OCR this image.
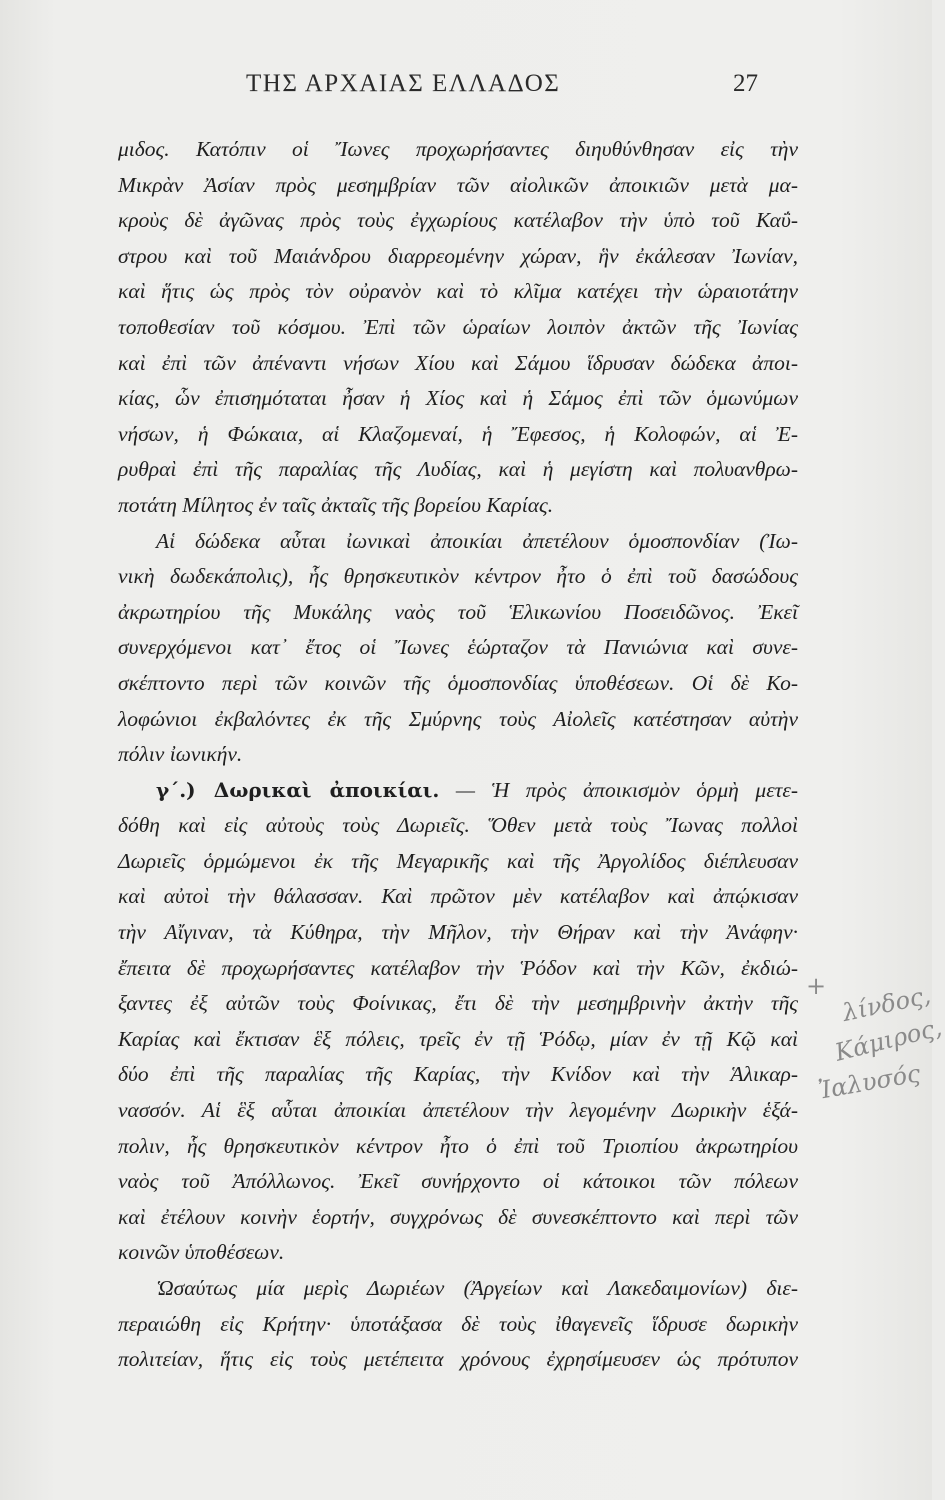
ΤΗΣ ΑΡΧΑΙΑΣ ΕΛΛΑΔΟΣ	27
μιδος. Κατόπιν οἱ Ἴωνες προχωρήσαντες διηυθύνθησαν εἰς τὴν
Μικρὰν Ἀσίαν πρὸς μεσημβρίαν τῶν αἰολικῶν ἀποικιῶν μετὰ μα-
κροὺς δὲ ἀγῶνας πρὸς τοὺς ἐγχωρίους κατέλαβον τὴν ὑπὸ τοῦ Καΰ-
στρου καὶ τοῦ Μαιάνδρου διαρρεομένην χώραν, ἣν ἐκάλεσαν Ἰωνίαν,
καὶ ἥτις ὡς πρὸς τὸν οὐρανὸν καὶ τὸ κλῖμα κατέχει τὴν ὡραιοτάτην
τοποθεσίαν τοῦ κόσμου. Ἐπὶ τῶν ὡραίων λοιπὸν ἀκτῶν τῆς Ἰωνίας
καὶ ἐπὶ τῶν ἀπέναντι νήσων Χίου καὶ Σάμου ἵδρυσαν δώδεκα ἀποι-
κίας, ὧν ἐπισημόταται ἦσαν ἡ Χίος καὶ ἡ Σάμος ἐπὶ τῶν ὁμωνύμων
νήσων, ἡ Φώκαια, αἱ Κλαζομεναί, ἡ Ἔφεσος, ἡ Κολοφών, αἱ Ἐ-
ρυθραὶ ἐπὶ τῆς παραλίας τῆς Λυδίας, καὶ ἡ μεγίστη καὶ πολυανθρω-
ποτάτη Μίλητος ἐν ταῖς ἀκταῖς τῆς βορείου Καρίας.
Αἱ δώδεκα αὗται ἰωνικαὶ ἀποικίαι ἀπετέλουν ὁμοσπονδίαν (Ἰω-
νικὴ δωδεκάπολις), ἧς θρησκευτικὸν κέντρον ἦτο ὁ ἐπὶ τοῦ δασώδους
ἀκρωτηρίου τῆς Μυκάλης ναὸς τοῦ Ἑλικωνίου Ποσειδῶνος. Ἐκεῖ
συνερχόμενοι κατ᾽ ἔτος οἱ Ἴωνες ἑώρταζον τὰ Πανιώνια καὶ συνε-
σκέπτοντο περὶ τῶν κοινῶν τῆς ὁμοσπονδίας ὑποθέσεων. Οἱ δὲ Κο-
λοφώνιοι ἐκβαλόντες ἐκ τῆς Σμύρνης τοὺς Αἰολεῖς κατέστησαν αὐτὴν
πόλιν ἰωνικήν.
γ΄.) Δωρικαὶ ἀποικίαι. — Ἡ πρὸς ἀποικισμὸν ὁρμὴ μετε-
δόθη καὶ εἰς αὐτοὺς τοὺς Δωριεῖς. Ὅθεν μετὰ τοὺς Ἴωνας πολλοὶ
Δωριεῖς ὁρμώμενοι ἐκ τῆς Μεγαρικῆς καὶ τῆς Ἀργολίδος διέπλευσαν
καὶ αὐτοὶ τὴν θάλασσαν. Καὶ πρῶτον μὲν κατέλαβον καὶ ἀπῴκισαν
τὴν Αἴγιναν, τὰ Κύθηρα, τὴν Μῆλον, τὴν Θήραν καὶ τὴν Ἀνάφην·
ἔπειτα δὲ προχωρήσαντες κατέλαβον τὴν Ῥόδον καὶ τὴν Κῶν, ἐκδιώ-
ξαντες ἐξ αὐτῶν τοὺς Φοίνικας, ἔτι δὲ τὴν μεσημβρινὴν ἀκτὴν τῆς
Καρίας καὶ ἔκτισαν ἓξ πόλεις, τρεῖς ἐν τῇ Ῥόδῳ, μίαν ἐν τῇ Κῷ καὶ
δύο ἐπὶ τῆς παραλίας τῆς Καρίας, τὴν Κνίδον καὶ τὴν Ἁλικαρ-
νασσόν. Αἱ ἓξ αὗται ἀποικίαι ἀπετέλουν τὴν λεγομένην Δωρικὴν ἑξά-
πολιν, ἧς θρησκευτικὸν κέντρον ἦτο ὁ ἐπὶ τοῦ Τριοπίου ἀκρωτηρίου
ναὸς τοῦ Ἀπόλλωνος. Ἐκεῖ συνήρχοντο οἱ κάτοικοι τῶν πόλεων
καὶ ἐτέλουν κοινὴν ἑορτήν, συγχρόνως δὲ συνεσκέπτοντο καὶ περὶ τῶν
κοινῶν ὑποθέσεων.
Ὡσαύτως μία μερὶς Δωριέων (Ἀργείων καὶ Λακεδαιμονίων) διε-
περαιώθη εἰς Κρήτην· ὑποτάξασα δὲ τοὺς ἰθαγενεῖς ἵδρυσε δωρικὴν
πολιτείαν, ἥτις εἰς τοὺς μετέπειτα χρόνους ἐχρησίμευσεν ὡς πρότυπον
+ λίνδος,
Κάμιρος,
Ἰαλυσός
